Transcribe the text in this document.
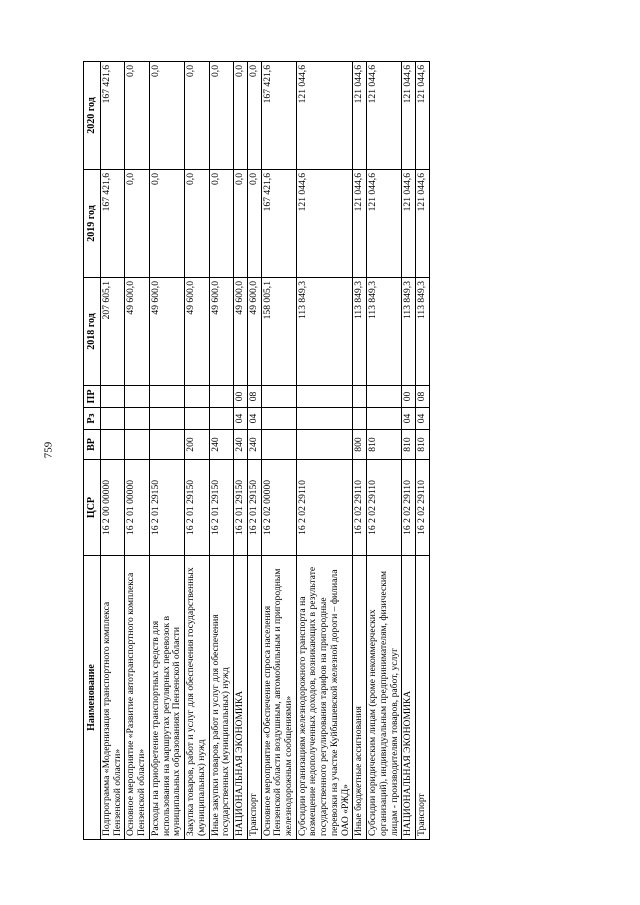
759
Наименование	ЦСР	ВР	Рз	ПР	2018 год	2019 год	2020 год
Подпрограмма «Модернизация транспортного комплекса Пензенской области»	16 2 00 00000				207 605,1	167 421,6	167 421,6
Основное мероприятие «Развитие автотранспортного комплекса Пензенской области»	16 2 01 00000				49 600,0	0,0	0,0
Расходы на приобретение транспортных средств для использования на маршрутах регулярных перевозок в муниципальных образованиях Пензенской области	16 2 01 29150				49 600,0	0,0	0,0
Закупка товаров, работ и услуг для обеспечения государственных (муниципальных) нужд	16 2 01 29150	200			49 600,0	0,0	0,0
Иные закупки товаров, работ и услуг для обеспечения государственных (муниципальных) нужд	16 2 01 29150	240			49 600,0	0,0	0,0
НАЦИОНАЛЬНАЯ ЭКОНОМИКА	16 2 01 29150	240	04	00	49 600,0	0,0	0,0
Транспорт	16 2 01 29150	240	04	08	49 600,0	0,0	0,0
Основное мероприятие «Обеспечение спроса населения Пензенской области воздушным, автомобильным и пригородным железнодорожным сообщениями»	16 2 02 00000				158 005,1	167 421,6	167 421,6
Субсидии организациям железнодорожного транспорта на возмещение недополученных доходов, возникающих в результате государственного регулирования тарифов на пригородные перевозки на участке Куйбышевской железной дороги – филиала ОАО «РЖД»	16 2 02 29110				113 849,3	121 044,6	121 044,6
Иные бюджетные ассигнования	16 2 02 29110	800			113 849,3	121 044,6	121 044,6
Субсидии юридическим лицам (кроме некоммерческих организаций), индивидуальным предпринимателям, физическим лицам - производителям товаров, работ, услуг	16 2 02 29110	810			113 849,3	121 044,6	121 044,6
НАЦИОНАЛЬНАЯ ЭКОНОМИКА	16 2 02 29110	810	04	00	113 849,3	121 044,6	121 044,6
Транспорт	16 2 02 29110	810	04	08	113 849,3	121 044,6	121 044,6
